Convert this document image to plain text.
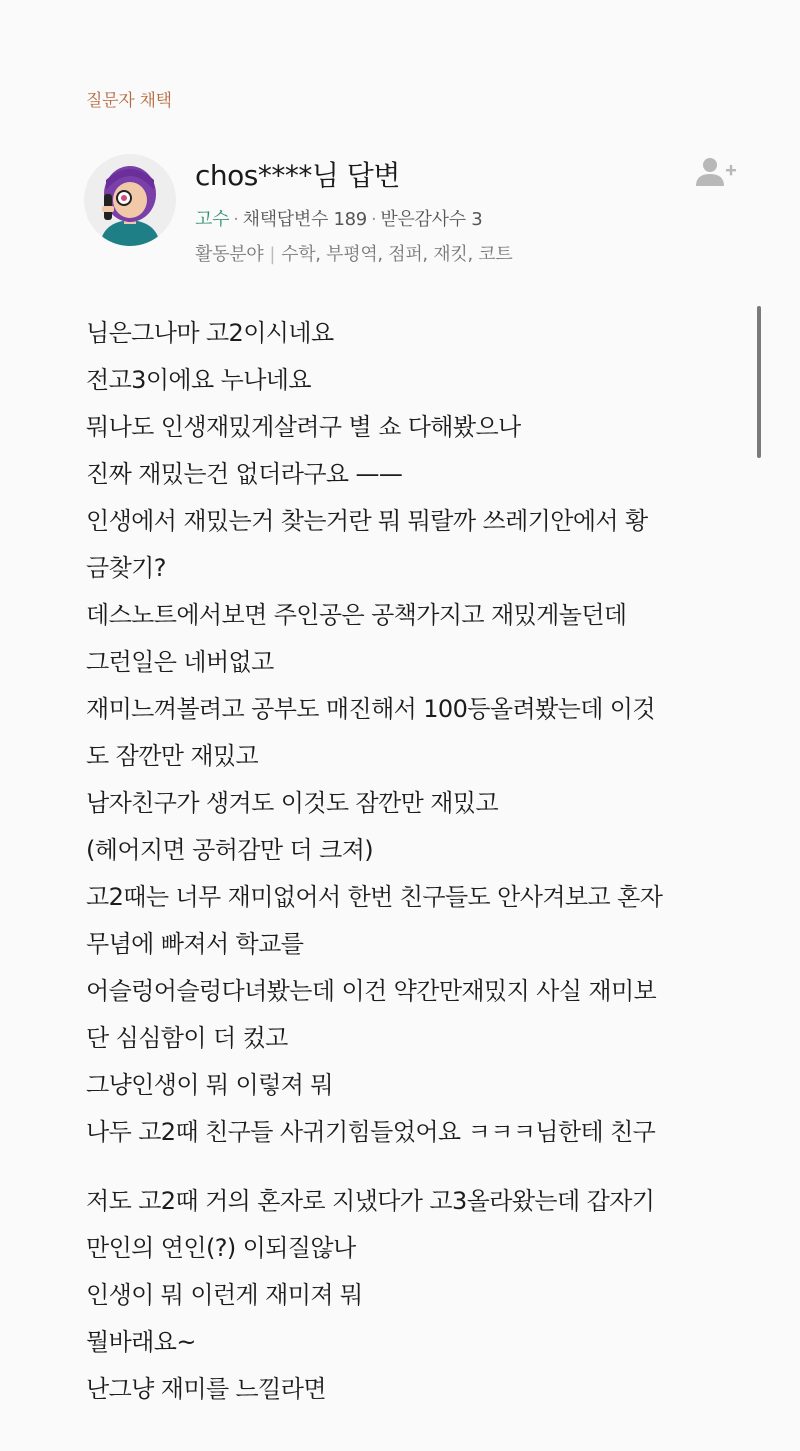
질문자 채택
chos****님 답변
고수 · 채택답변수 189 · 받은감사수 3
활동분야 | 수학, 부평역, 점퍼, 재킷, 코트

님은그나마 고2이시네요
전고3이에요 누나네요
뭐나도 인생재밌게살려구 별 쇼 다해봤으나
진짜 재밌는건 없더라구요 ——
인생에서 재밌는거 찾는거란 뭐 뭐랄까 쓰레기안에서 황
금찾기?
데스노트에서보면 주인공은 공책가지고 재밌게놀던데
그런일은 네버없고
재미느껴볼려고 공부도 매진해서 100등올려봤는데 이것
도 잠깐만 재밌고
남자친구가 생겨도 이것도 잠깐만 재밌고
(헤어지면 공허감만 더 크져)
고2때는 너무 재미없어서 한번 친구들도 안사겨보고 혼자
무념에 빠져서 학교를
어슬렁어슬렁다녀봤는데 이건 약간만재밌지 사실 재미보
단 심심함이 더 컸고
그냥인생이 뭐 이렇져 뭐
나두 고2때 친구들 사귀기힘들었어요 ㅋㅋㅋ님한테 친구

저도 고2때 거의 혼자로 지냈다가 고3올라왔는데 갑자기
만인의 연인(?) 이되질않나
인생이 뭐 이런게 재미져 뭐
뭘바래요~
난그냥 재미를 느낄라면
